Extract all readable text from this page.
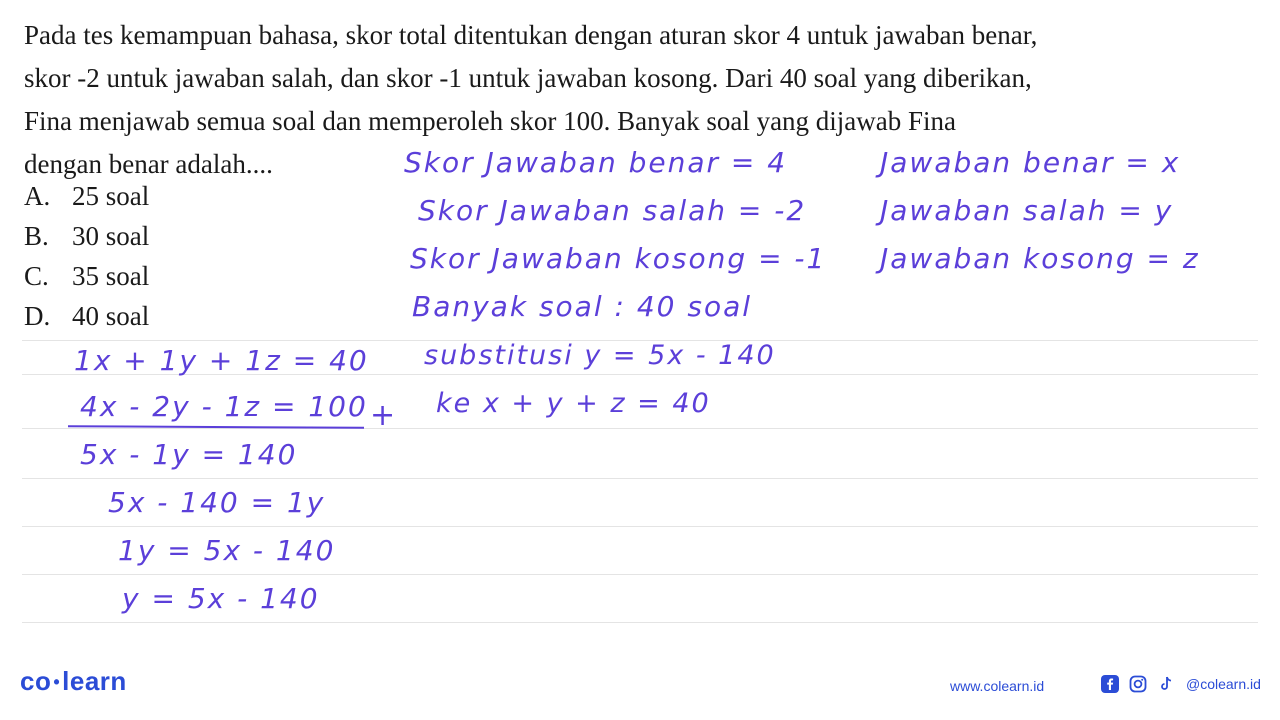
Pada tes kemampuan bahasa, skor total ditentukan dengan aturan skor 4 untuk jawaban benar,
skor -2 untuk jawaban salah, dan skor -1 untuk jawaban kosong. Dari 40 soal yang diberikan,
Fina menjawab semua soal dan memperoleh skor 100. Banyak soal yang dijawab Fina
dengan benar adalah....
A. 25 soal
B. 30 soal
C. 35 soal
D. 40 soal
Skor Jawaban benar = 4
Skor Jawaban salah = -2
Skor Jawaban kosong = -1
Banyak soal : 40 soal
Jawaban benar = x
Jawaban salah = y
Jawaban kosong = z
1x + 1y + 1z = 40
4x - 2y - 1z = 100 +
5x - 1y = 140
5x - 140 = 1y
1y = 5x - 140
y = 5x - 140
substitusi y = 5x - 140
ke x + y + z = 40
co •learn	www.colearn.id	@colearn.id
